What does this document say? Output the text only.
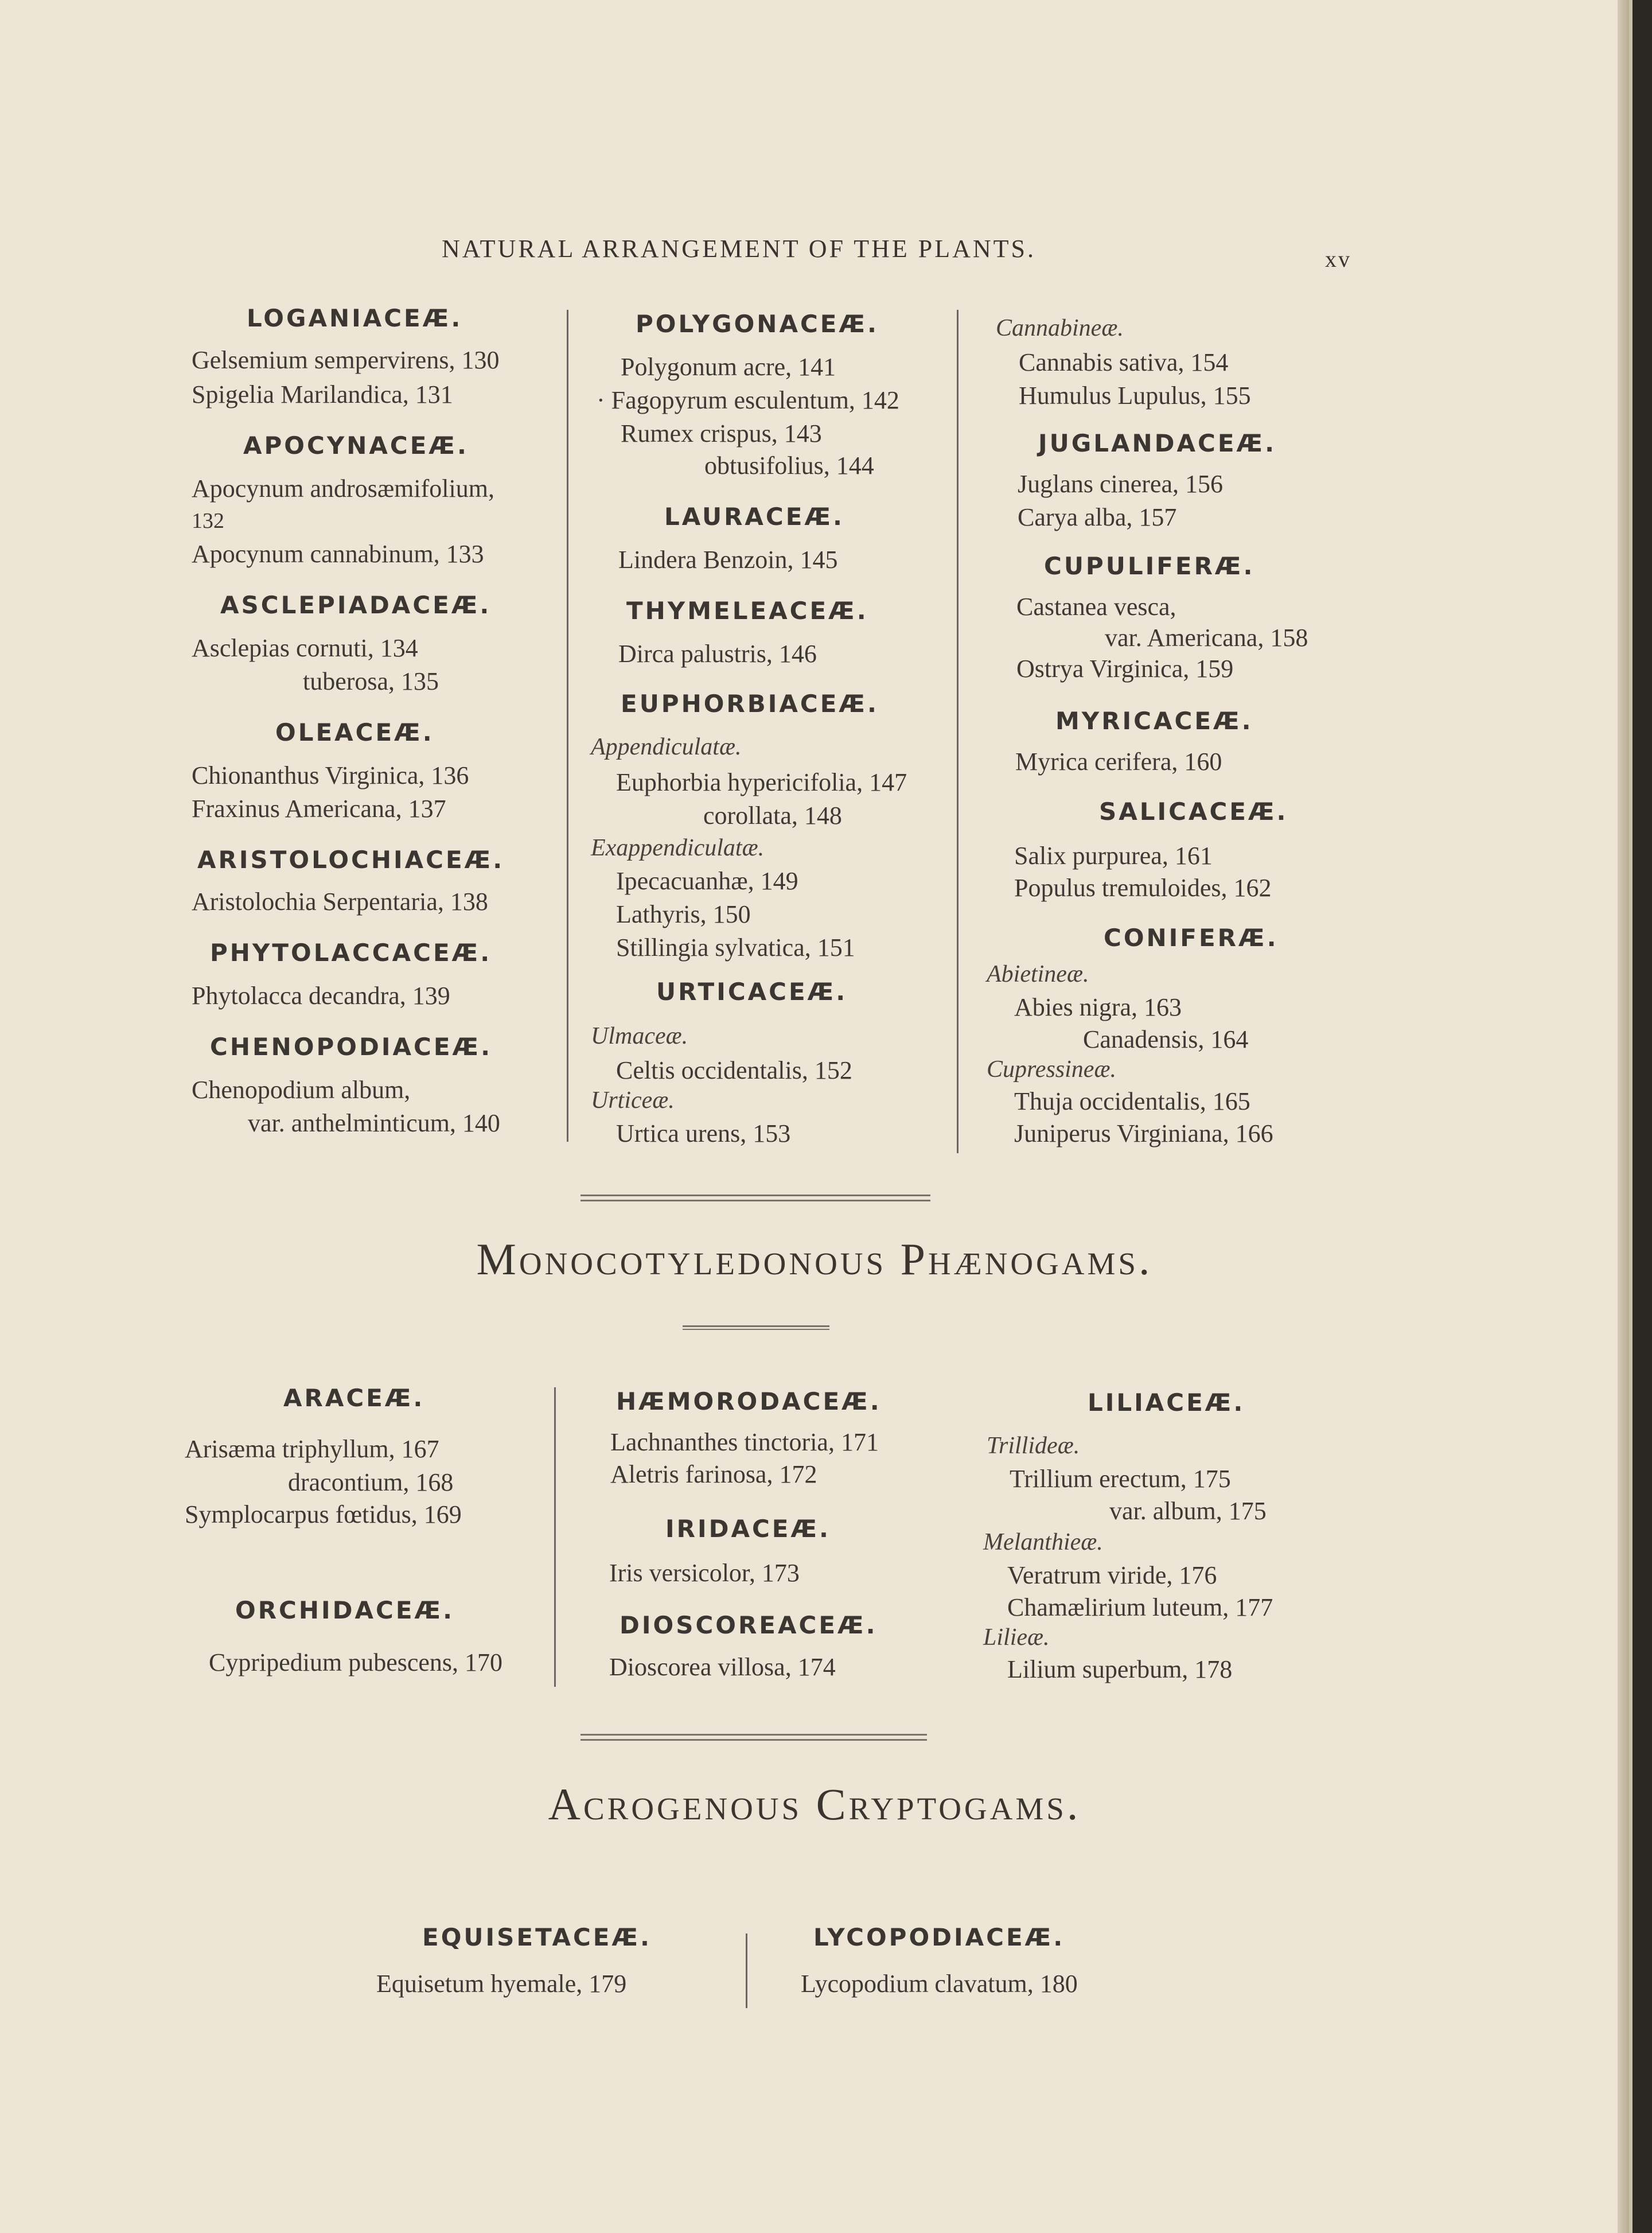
NATURAL ARRANGEMENT OF THE PLANTS.	xv
LOGANIACEÆ.
Gelsemium sempervirens, 130
Spigelia Marilandica, 131
APOCYNACEÆ.
Apocynum androsæmifolium,
132
Apocynum cannabinum, 133
ASCLEPIADACEÆ.
Asclepias cornuti, 134
tuberosa, 135
OLEACEÆ.
Chionanthus Virginica, 136
Fraxinus Americana, 137
ARISTOLOCHIACEÆ.
Aristolochia Serpentaria, 138
PHYTOLACCACEÆ.
Phytolacca decandra, 139
CHENOPODIACEÆ.
Chenopodium album,
var. anthelminticum, 140
POLYGONACEÆ.
Polygonum acre, 141
· Fagopyrum esculentum, 142
Rumex crispus, 143
obtusifolius, 144
LAURACEÆ.
Lindera Benzoin, 145
THYMELEACEÆ.
Dirca palustris, 146
EUPHORBIACEÆ.
Appendiculatæ.
Euphorbia hypericifolia, 147
corollata, 148
Exappendiculatæ.
Ipecacuanhæ, 149
Lathyris, 150
Stillingia sylvatica, 151
URTICACEÆ.
Ulmaceæ.
Celtis occidentalis, 152
Urticeæ.
Urtica urens, 153
Cannabineæ.
Cannabis sativa, 154
Humulus Lupulus, 155
JUGLANDACEÆ.
Juglans cinerea, 156
Carya alba, 157
CUPULIFERÆ.
Castanea vesca,
var. Americana, 158
Ostrya Virginica, 159
MYRICACEÆ.
Myrica cerifera, 160
SALICACEÆ.
Salix purpurea, 161
Populus tremuloides, 162
CONIFERÆ.
Abietineæ.
Abies nigra, 163
Canadensis, 164
Cupressineæ.
Thuja occidentalis, 165
Juniperus Virginiana, 166
Monocotyledonous Phænogams.
ARACEÆ.
Arisæma triphyllum, 167
dracontium, 168
Symplocarpus fœtidus, 169
ORCHIDACEÆ.
Cypripedium pubescens, 170
HÆMORODACEÆ.
Lachnanthes tinctoria, 171
Aletris farinosa, 172
IRIDACEÆ.
Iris versicolor, 173
DIOSCOREACEÆ.
Dioscorea villosa, 174
LILIACEÆ.
Trillideæ.
Trillium erectum, 175
var. album, 175
Melanthieæ.
Veratrum viride, 176
Chamælirium luteum, 177
Lilieæ.
Lilium superbum, 178
Acrogenous Cryptogams.
EQUISETACEÆ.
Equisetum hyemale, 179
LYCOPODIACEÆ.
Lycopodium clavatum, 180
